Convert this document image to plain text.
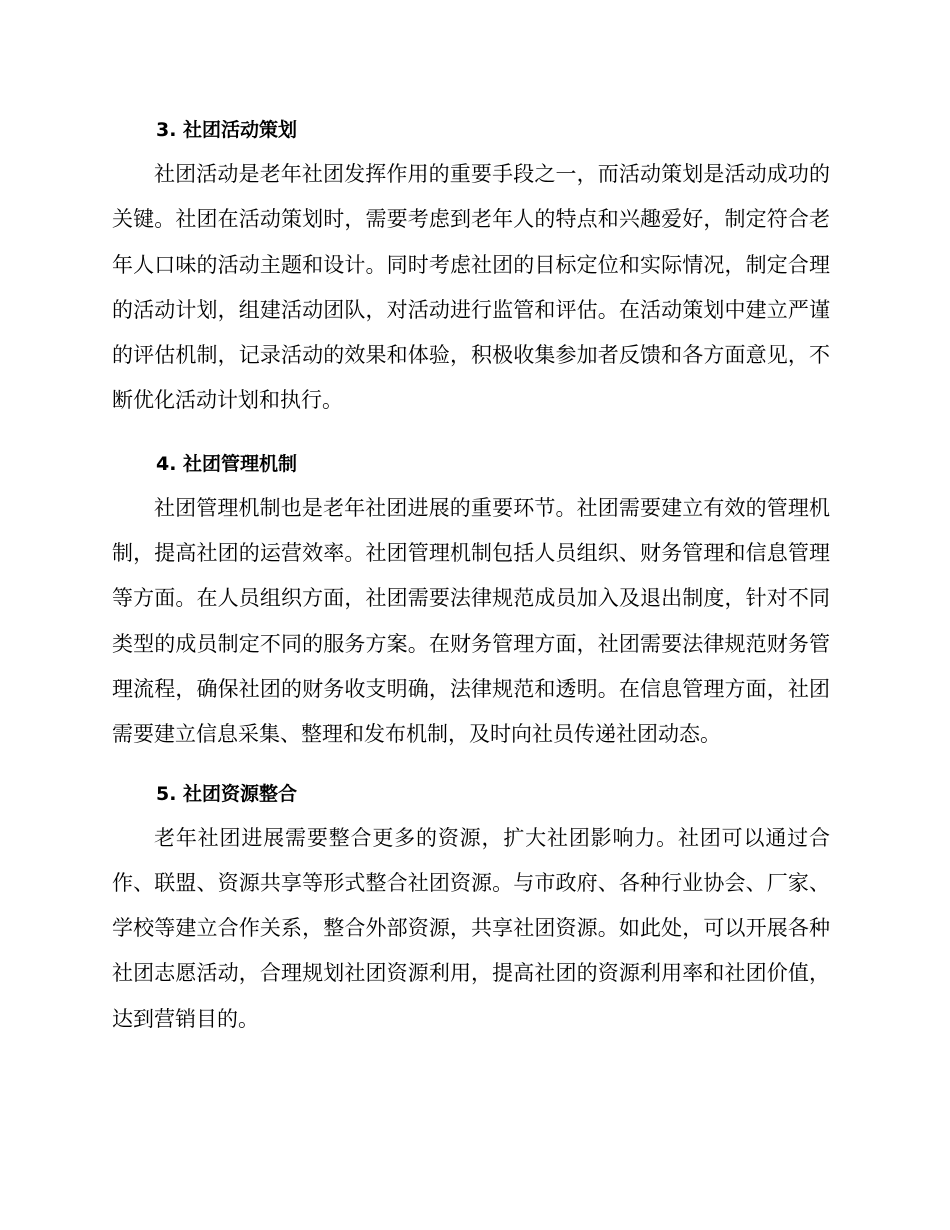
3. 社团活动策划

社团活动是老年社团发挥作用的重要手段之一，而活动策划是活动成功的关键。社团在活动策划时，需要考虑到老年人的特点和兴趣爱好，制定符合老年人口味的活动主题和设计。同时考虑社团的目标定位和实际情况，制定合理的活动计划，组建活动团队，对活动进行监管和评估。在活动策划中建立严谨的评估机制，记录活动的效果和体验，积极收集参加者反馈和各方面意见，不断优化活动计划和执行。

4. 社团管理机制

社团管理机制也是老年社团进展的重要环节。社团需要建立有效的管理机制，提高社团的运营效率。社团管理机制包括人员组织、财务管理和信息管理等方面。在人员组织方面，社团需要法律规范成员加入及退出制度，针对不同类型的成员制定不同的服务方案。在财务管理方面，社团需要法律规范财务管理流程，确保社团的财务收支明确，法律规范和透明。在信息管理方面，社团需要建立信息采集、整理和发布机制，及时向社员传递社团动态。

5. 社团资源整合

老年社团进展需要整合更多的资源，扩大社团影响力。社团可以通过合作、联盟、资源共享等形式整合社团资源。与市政府、各种行业协会、厂家、学校等建立合作关系，整合外部资源，共享社团资源。如此处，可以开展各种社团志愿活动，合理规划社团资源利用，提高社团的资源利用率和社团价值，达到营销目的。
